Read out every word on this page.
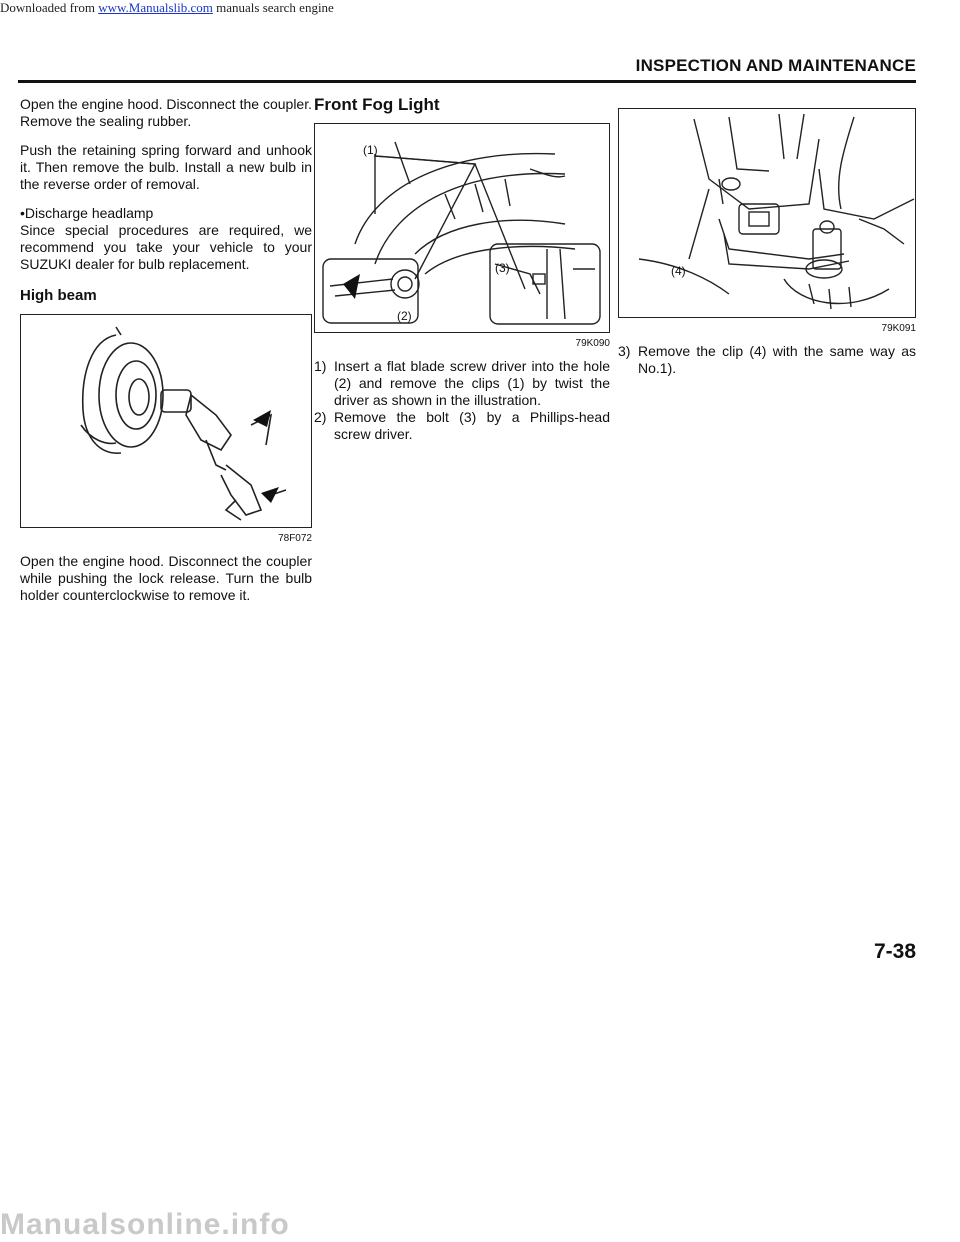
Downloaded from www.Manualslib.com manuals search engine
INSPECTION AND MAINTENANCE

Open the engine hood. Disconnect the coupler. Remove the sealing rubber.

Push the retaining spring forward and unhook it. Then remove the bulb. Install a new bulb in the reverse order of removal.

• Discharge headlamp

Since special procedures are required, we recommend you take your vehicle to your SUZUKI dealer for bulb replacement.

High beam
78F072

Open the engine hood. Disconnect the coupler while pushing the lock release. Turn the bulb holder counterclockwise to remove it.

Front Fog Light
(1)
(2)
(3)
79K090
1) Insert a flat blade screw driver into the hole (2) and remove the clips (1) by twist the driver as shown in the illustration.
2) Remove the bolt (3) by a Phillips-head screw driver.
(4)
79K091
3) Remove the clip (4) with the same way as No.1).
7-38
Manualsonline.info
